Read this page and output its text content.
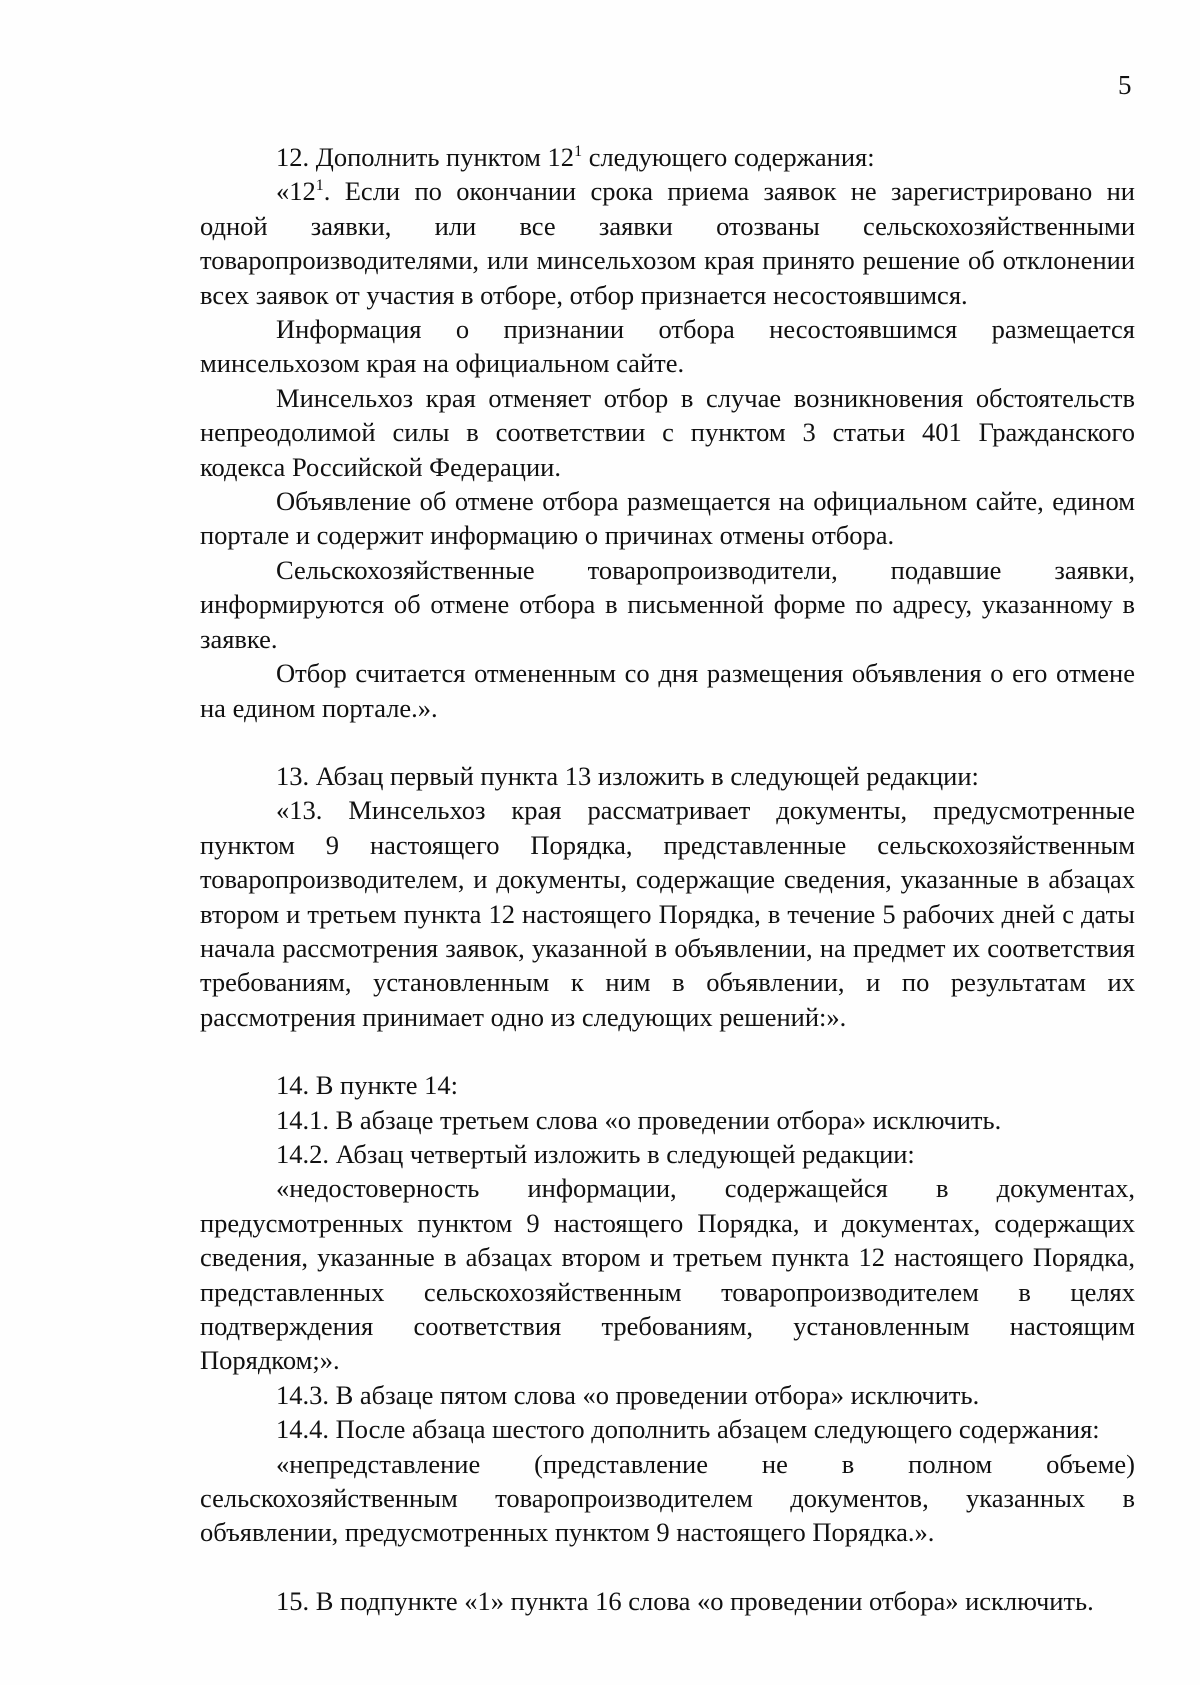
5

12. Дополнить пунктом $12^1$ следующего содержания:

«$12^1$. Если по окончании срока приема заявок не зарегистрировано ни одной заявки, или все заявки отозваны сельскохозяйственными товаропроизводителями, или минсельхозом края принято решение об отклонении всех заявок от участия в отборе, отбор признается несостоявшимся.

Информация о признании отбора несостоявшимся размещается минсельхозом края на официальном сайте.

Минсельхоз края отменяет отбор в случае возникновения обстоятельств непреодолимой силы в соответствии с пунктом 3 статьи 401 Гражданского кодекса Российской Федерации.

Объявление об отмене отбора размещается на официальном сайте, едином портале и содержит информацию о причинах отмены отбора.

Сельскохозяйственные товаропроизводители, подавшие заявки, информируются об отмене отбора в письменной форме по адресу, указанному в заявке.

Отбор считается отмененным со дня размещения объявления о его отмене на едином портале.».

13. Абзац первый пункта 13 изложить в следующей редакции:

«13. Минсельхоз края рассматривает документы, предусмотренные пунктом 9 настоящего Порядка, представленные сельскохозяйственным товаропроизводителем, и документы, содержащие сведения, указанные в абзацах втором и третьем пункта 12 настоящего Порядка, в течение 5 рабочих дней с даты начала рассмотрения заявок, указанной в объявлении, на предмет их соответствия требованиям, установленным к ним в объявлении, и по результатам их рассмотрения принимает одно из следующих решений:».

14. В пункте 14:

14.1. В абзаце третьем слова «о проведении отбора» исключить.

14.2. Абзац четвертый изложить в следующей редакции:

«недостоверность информации, содержащейся в документах, предусмотренных пунктом 9 настоящего Порядка, и документах, содержащих сведения, указанные в абзацах втором и третьем пункта 12 настоящего Порядка, представленных сельскохозяйственным товаропроизводителем в целях подтверждения соответствия требованиям, установленным настоящим Порядком;».

14.3. В абзаце пятом слова «о проведении отбора» исключить.

14.4. После абзаца шестого дополнить абзацем следующего содержания:

«непредставление (представление не в полном объеме) сельскохозяйственным товаропроизводителем документов, указанных в объявлении, предусмотренных пунктом 9 настоящего Порядка.».

15. В подпункте «1» пункта 16 слова «о проведении отбора» исключить.
